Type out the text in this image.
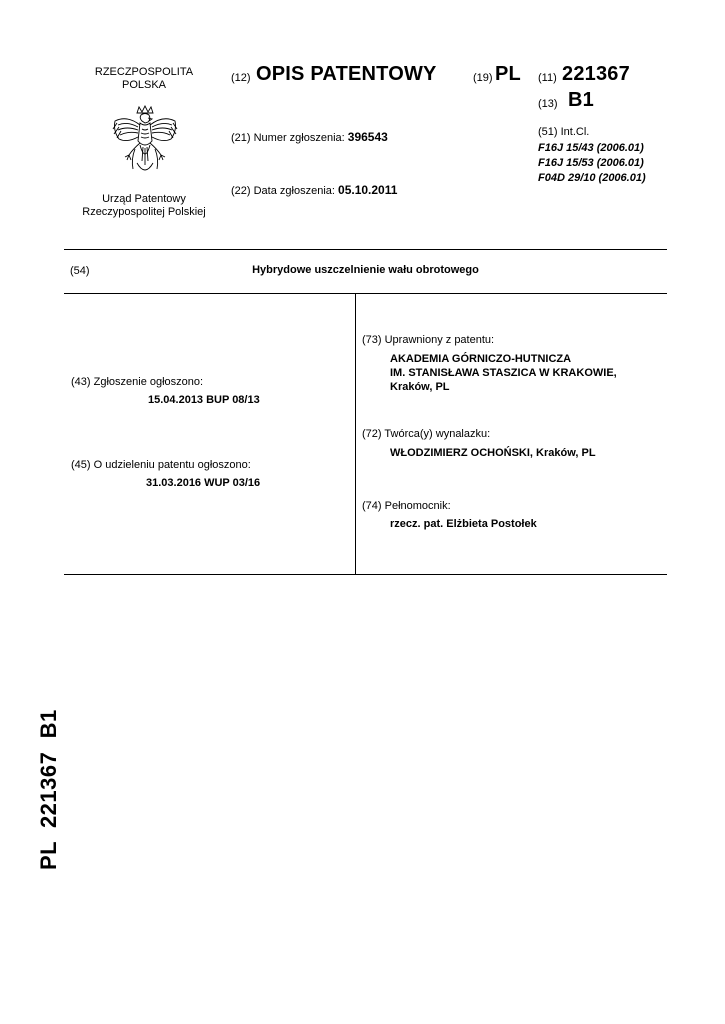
RZECZPOSPOLITA
POLSKA
Urząd Patentowy
Rzeczypospolitej Polskiej
(12) OPIS PATENTOWY	(19) PL (11) 221367
(13) B1
(21) Numer zgłoszenia: 396543
(22) Data zgłoszenia: 05.10.2011
(51) Int.Cl.
F16J 15/43 (2006.01)
F16J 15/53 (2006.01)
F04D 29/10 (2006.01)
(54)	Hybrydowe uszczelnienie wału obrotowego
(43) Zgłoszenie ogłoszono:
15.04.2013 BUP 08/13
(45) O udzieleniu patentu ogłoszono:
31.03.2016 WUP 03/16
(73) Uprawniony z patentu:
AKADEMIA GÓRNICZO-HUTNICZA
IM. STANISŁAWA STASZICA W KRAKOWIE,
Kraków, PL
(72) Twórca(y) wynalazku:
WŁODZIMIERZ OCHOŃSKI, Kraków, PL
(74) Pełnomocnik:
rzecz. pat. Elżbieta Postołek
PL  221367  B1
